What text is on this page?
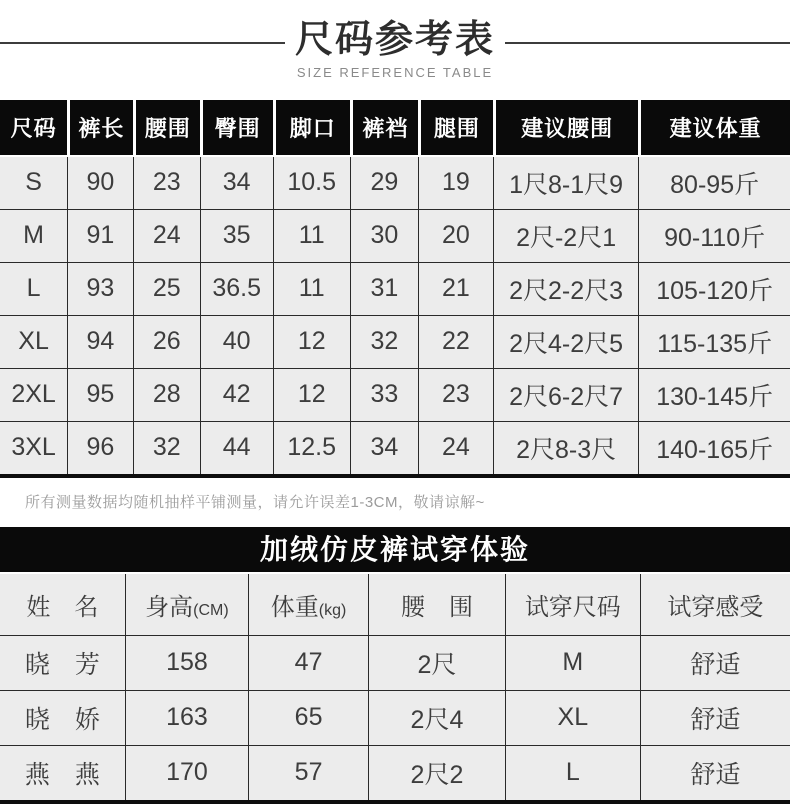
尺码参考表
SIZE REFERENCE TABLE
尺码	裤长	腰围	臀围	脚口	裤裆	腿围	建议腰围	建议体重
S	90	23	34	10.5	29	19	1尺8-1尺9	80-95斤
M	91	24	35	11	30	20	2尺-2尺1	90-110斤
L	93	25	36.5	11	31	21	2尺2-2尺3	105-120斤
XL	94	26	40	12	32	22	2尺4-2尺5	115-135斤
2XL	95	28	42	12	33	23	2尺6-2尺7	130-145斤
3XL	96	32	44	12.5	34	24	2尺8-3尺	140-165斤
所有测量数据均随机抽样平铺测量，请允许误差1-3CM，敬请谅解~
加绒仿皮裤试穿体验
姓　名	身高(CM)	体重(kg)	腰　围	试穿尺码	试穿感受
晓　芳	158	47	2尺	M	舒适
晓　娇	163	65	2尺4	XL	舒适
燕　燕	170	57	2尺2	L	舒适
